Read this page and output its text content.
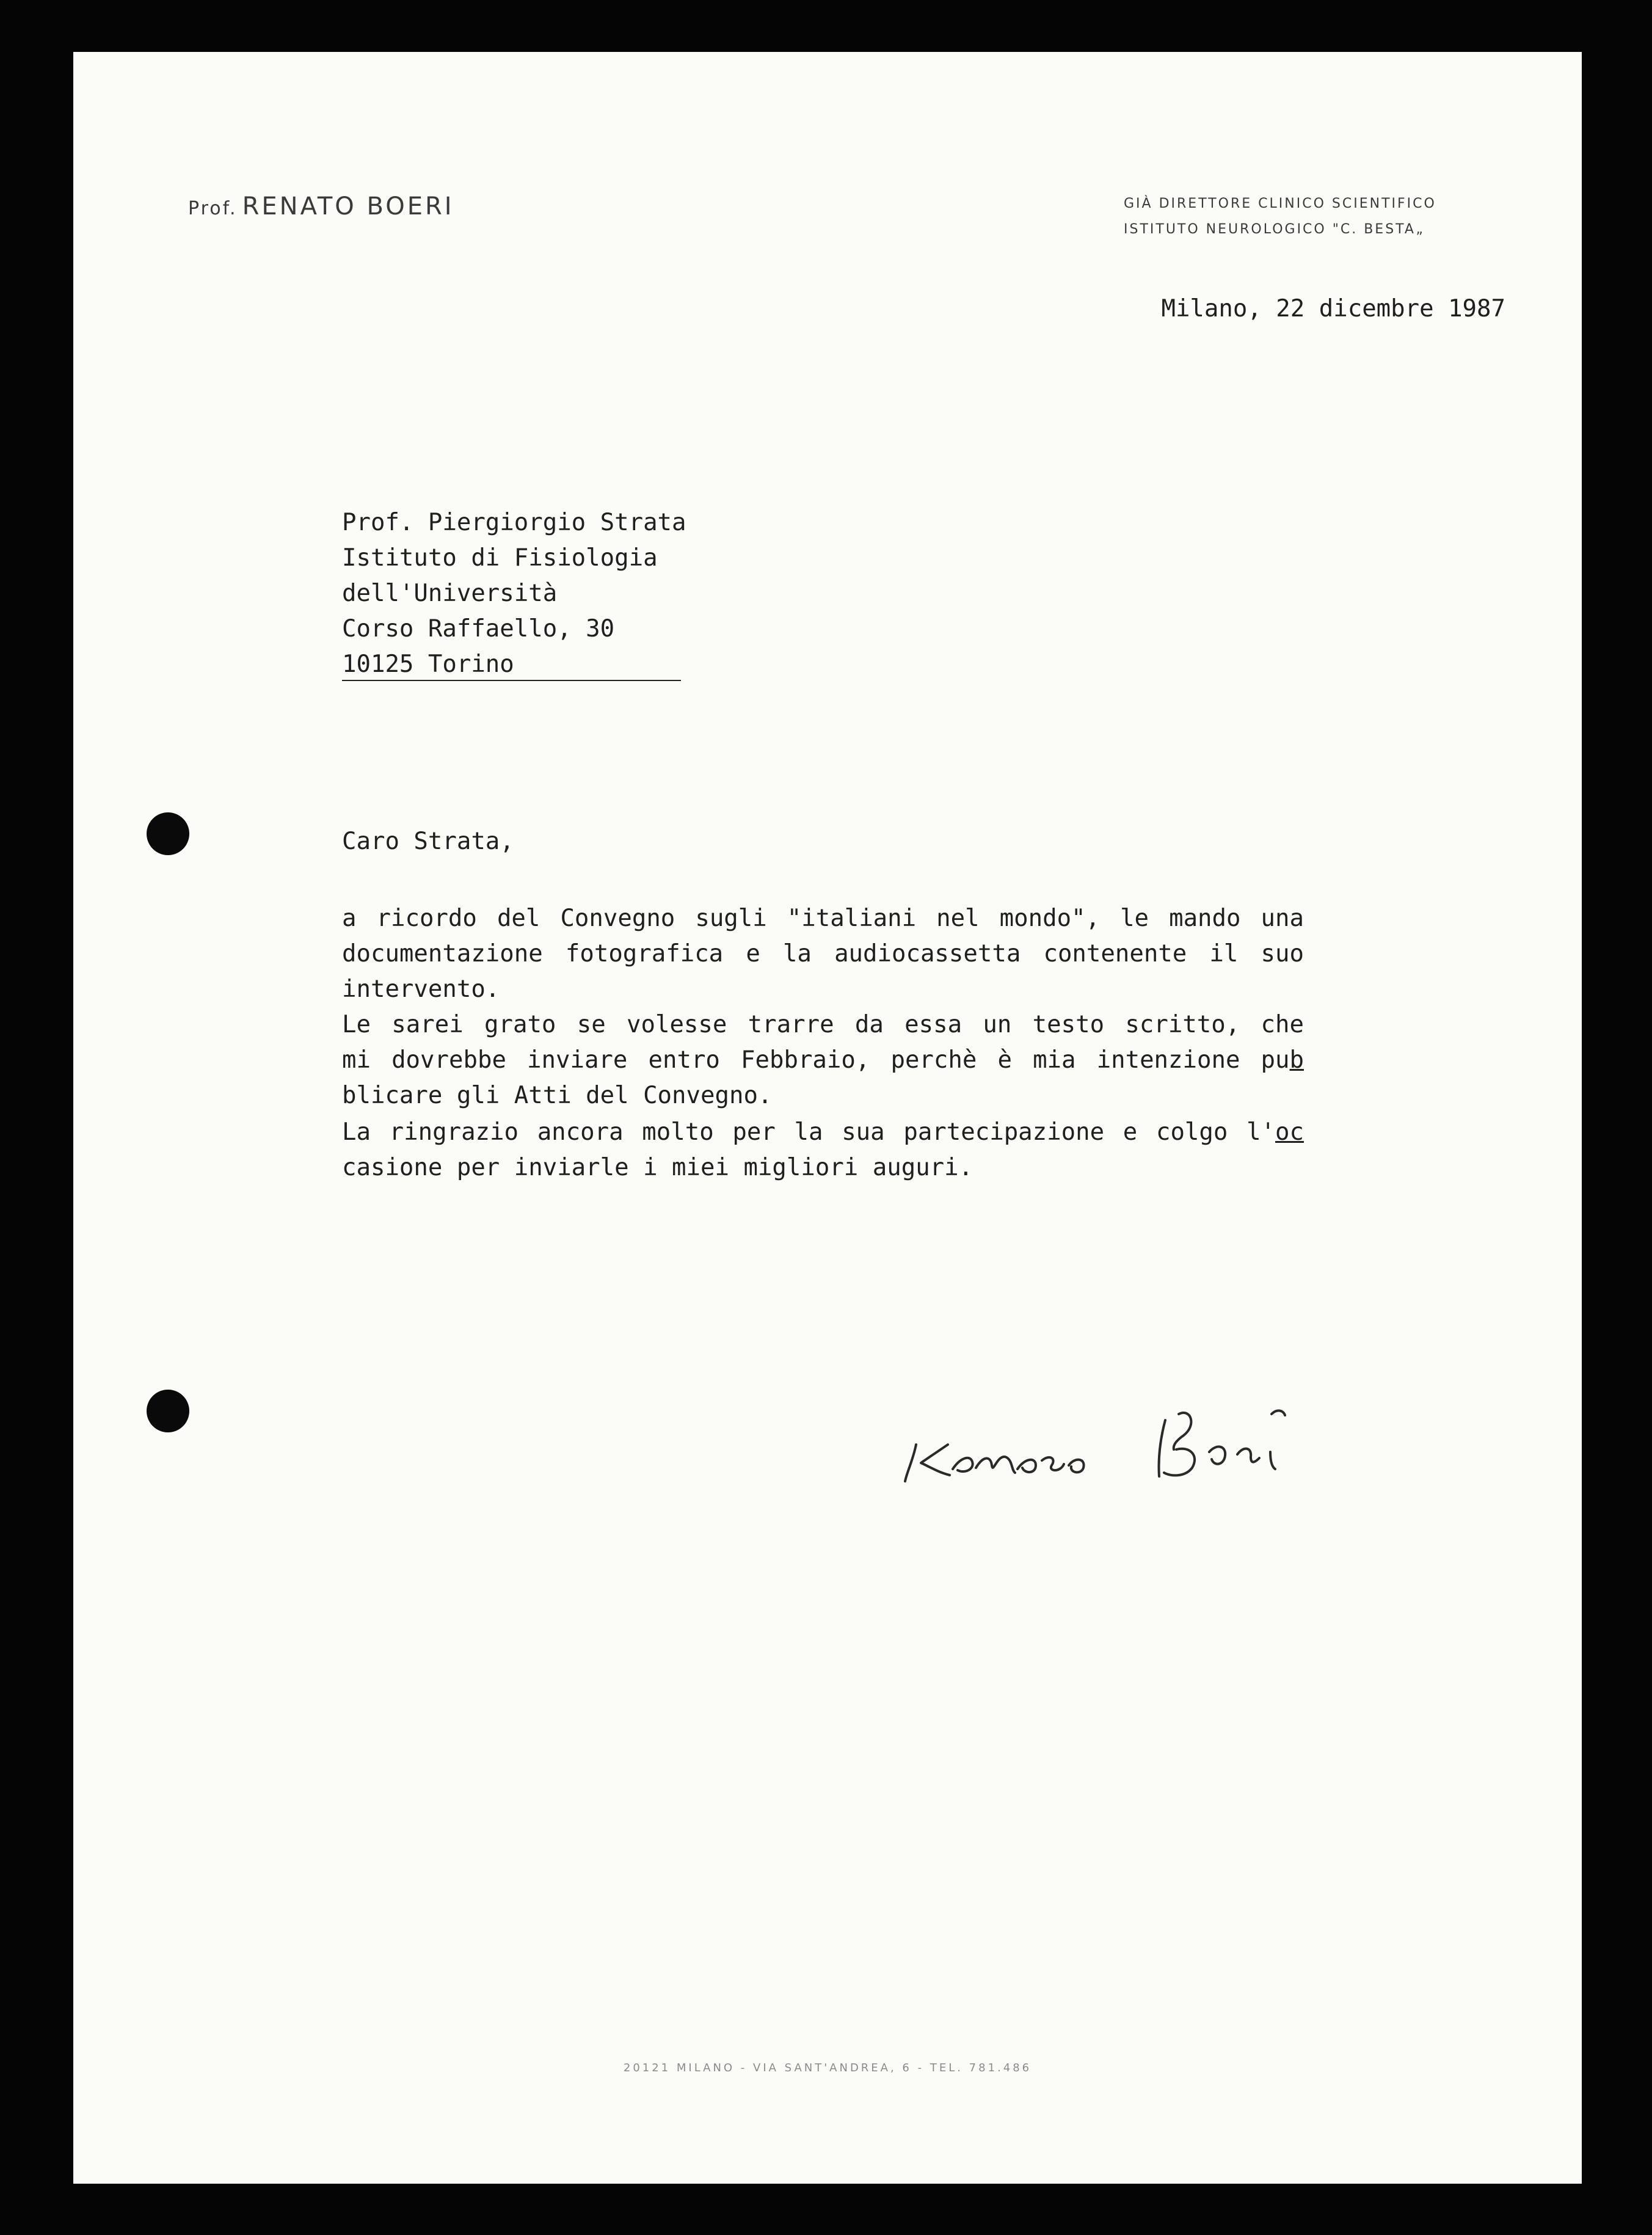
Prof. RENATO BOERI	GIÀ DIRETTORE CLINICO SCIENTIFICO
ISTITUTO NEUROLOGICO "C. BESTA„
Milano, 22 dicembre 1987
Prof. Piergiorgio Strata
Istituto di Fisiologia
dell'Università
Corso Raffaello, 30
10125 Torino
Caro Strata,
a ricordo del Convegno sugli "italiani nel mondo", le mando una
documentazione fotografica e la audiocassetta contenente il suo
intervento.
Le sarei grato se volesse trarre da essa un testo scritto, che
mi dovrebbe inviare entro Febbraio, perchè è mia intenzione pub
blicare gli Atti del Convegno.
La ringrazio ancora molto per la sua partecipazione e colgo l'oc
casione per inviarle i miei migliori auguri.
20121 MILANO - VIA SANT'ANDREA, 6 - TEL. 781.486
